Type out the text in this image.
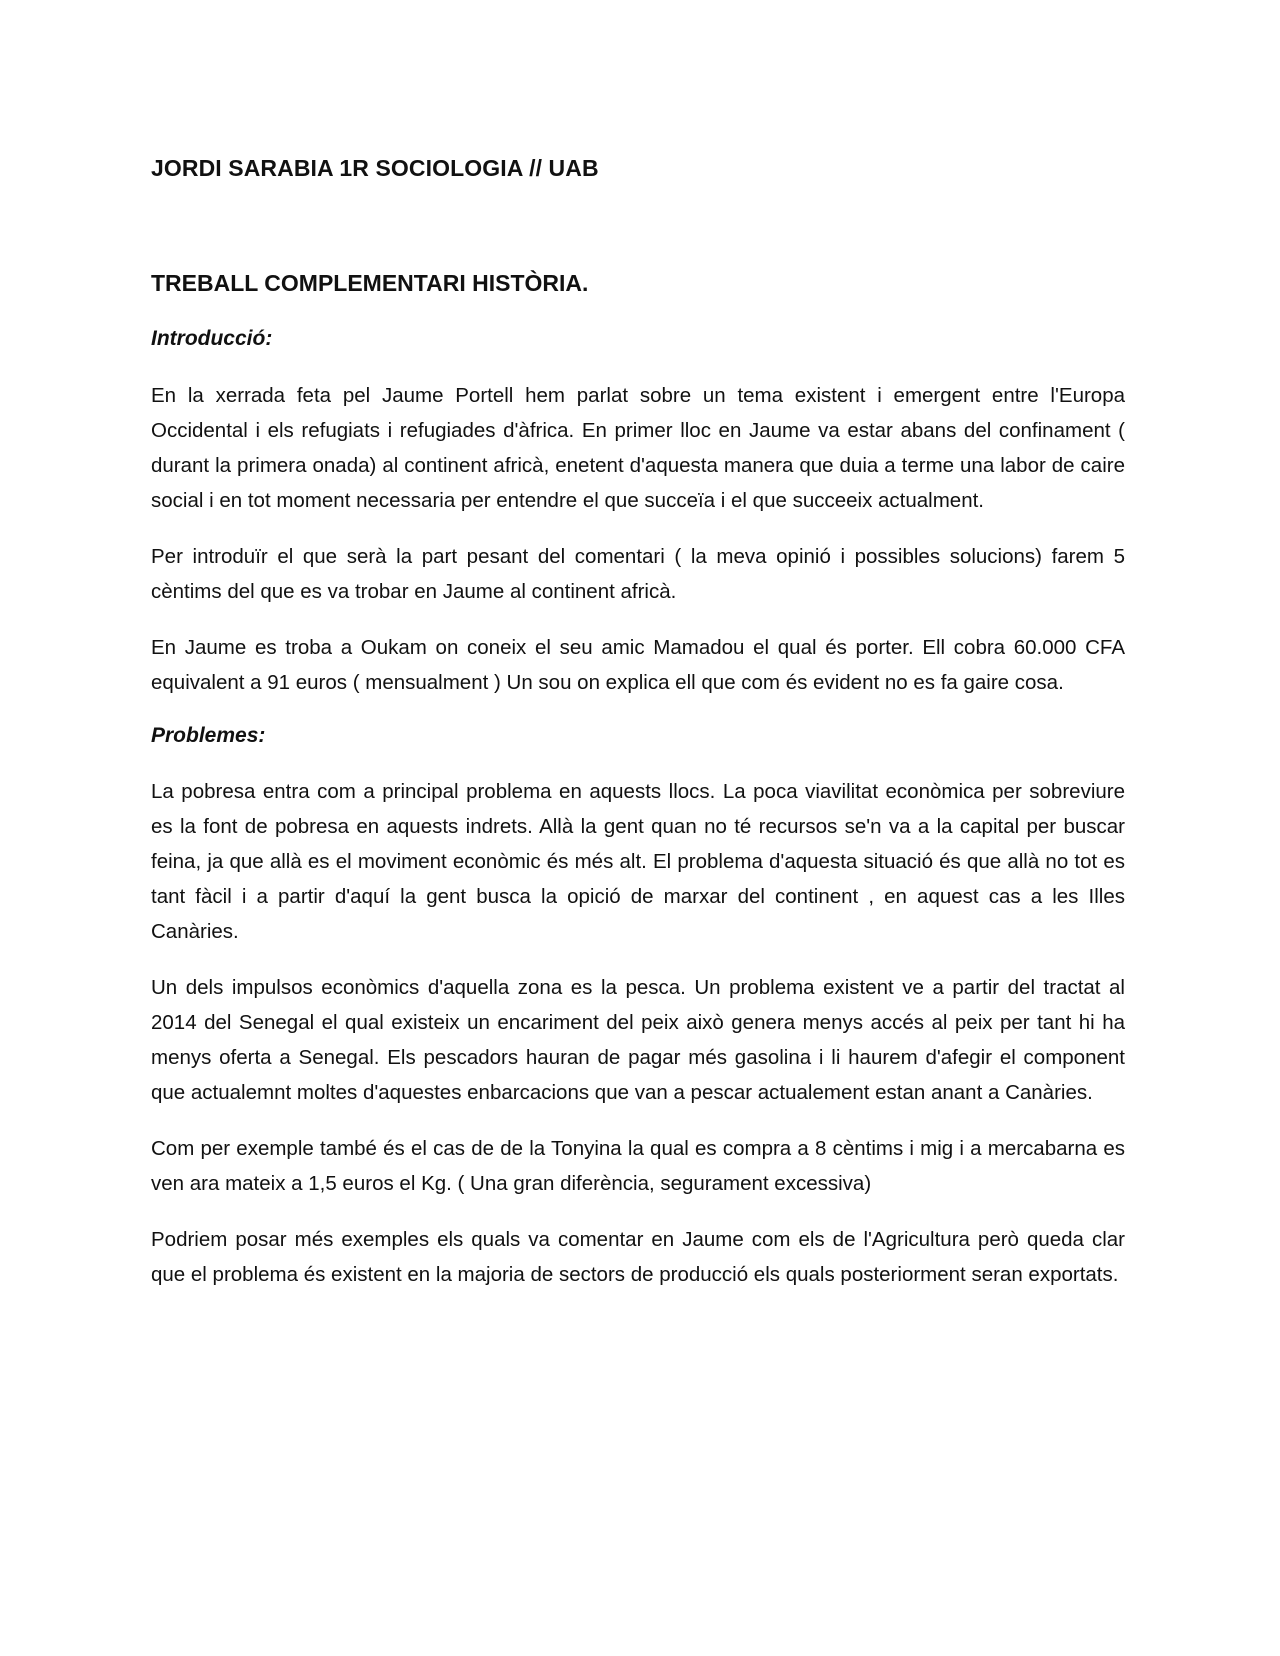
JORDI SARABIA 1R SOCIOLOGIA // UAB
TREBALL COMPLEMENTARI HISTÒRIA.
Introducció:

En la xerrada feta pel Jaume Portell hem parlat sobre un tema existent i emergent entre l'Europa Occidental i els refugiats i refugiades d'àfrica. En primer lloc en Jaume va estar abans del confinament ( durant la primera onada) al continent africà, enetent d'aquesta manera que duia a terme una labor de caire social i en tot moment necessaria per entendre el que succeïa i el que succeeix actualment.

Per introduïr el que serà la part pesant del comentari ( la meva opinió i possibles solucions) farem 5 cèntims del que es va trobar en Jaume al continent africà.

En Jaume es troba a Oukam on coneix el seu amic Mamadou el qual és porter. Ell cobra 60.000 CFA equivalent a 91 euros ( mensualment ) Un sou on explica ell que com és evident no es fa gaire cosa.

Problemes:

La pobresa entra com a principal problema en aquests llocs. La poca viavilitat econòmica per sobreviure es la font de pobresa en aquests indrets. Allà la gent quan no té recursos se'n va a la capital per buscar feina, ja que allà es el moviment econòmic és més alt. El problema d'aquesta situació és que allà no tot es tant fàcil i a partir d'aquí la gent busca la opició de marxar del continent , en aquest cas a les Illes Canàries.

Un dels impulsos econòmics d'aquella zona es la pesca. Un problema existent ve a partir del tractat al 2014 del Senegal el qual existeix un encariment del peix això genera menys accés al peix per tant hi ha menys oferta a Senegal. Els pescadors hauran de pagar més gasolina i li haurem d'afegir el component que actualemnt moltes d'aquestes enbarcacions que van a pescar actualement estan anant a Canàries.

Com per exemple també és el cas de de la Tonyina la qual es compra a 8 cèntims i mig i a mercabarna es ven ara mateix a 1,5 euros el Kg. ( Una gran diferència, segurament excessiva)

Podriem posar més exemples els quals va comentar en Jaume com els de l'Agricultura però queda clar que el problema és existent en la majoria de sectors de producció els quals posteriorment seran exportats.
